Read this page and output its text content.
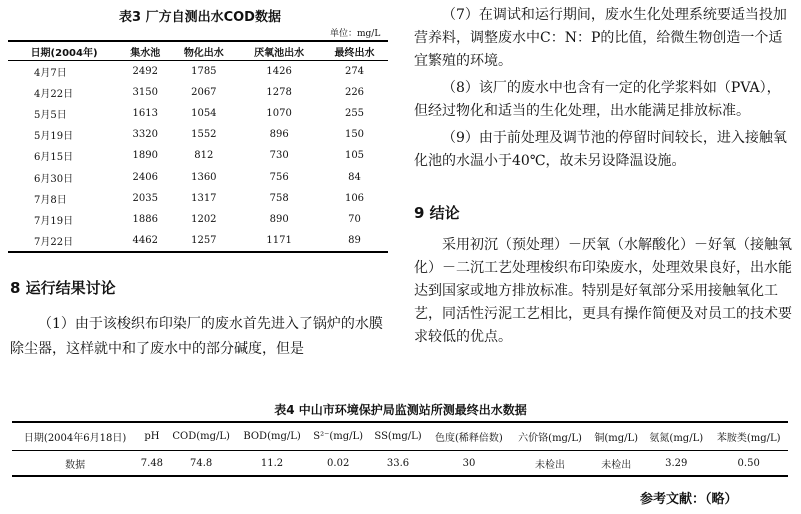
表3 厂方自测出水COD数据
单位：mg/L
日期(2004年)	集水池	物化出水	厌氧池出水	最终出水
4月7日	2492	1785	1426	274
4月22日	3150	2067	1278	226
5月5日	1613	1054	1070	255
5月19日	3320	1552	896	150
6月15日	1890	812	730	105
6月30日	2406	1360	756	84
7月8日	2035	1317	758	106
7月19日	1886	1202	890	70
7月22日	4462	1257	1171	89
8 运行结果讨论

（1）由于该梭织布印染厂的废水首先进入了锅炉的水膜除尘器，这样就中和了废水中的部分碱度，但是

（7）在调试和运行期间，废水生化处理系统要适当投加营养料，调整废水中C：N：P的比值，给微生物创造一个适宜繁殖的环境。

（8）该厂的废水中也含有一定的化学浆料如（PVA），但经过物化和适当的生化处理，出水能满足排放标准。

（9）由于前处理及调节池的停留时间较长，进入接触氧化池的水温小于40℃，故未另设降温设施。

9 结论

采用初沉（预处理）－厌氧（水解酸化）－好氧（接触氧化）－二沉工艺处理梭织布印染废水，处理效果良好，出水能达到国家或地方排放标准。特别是好氧部分采用接触氧化工艺，同活性污泥工艺相比，更具有操作简便及对员工的技术要求较低的优点。

表4 中山市环境保护局监测站所测最终出水数据
日期(2004年6月18日)	pH	COD(mg/L)	BOD(mg/L)	S²⁻(mg/L)	SS(mg/L)	色度(稀释倍数)	六价铬(mg/L)	铜(mg/L)	氨氮(mg/L)	苯胺类(mg/L)
数据	7.48	74.8	11.2	0.02	33.6	30	未检出	未检出	3.29	0.50
参考文献：（略）
